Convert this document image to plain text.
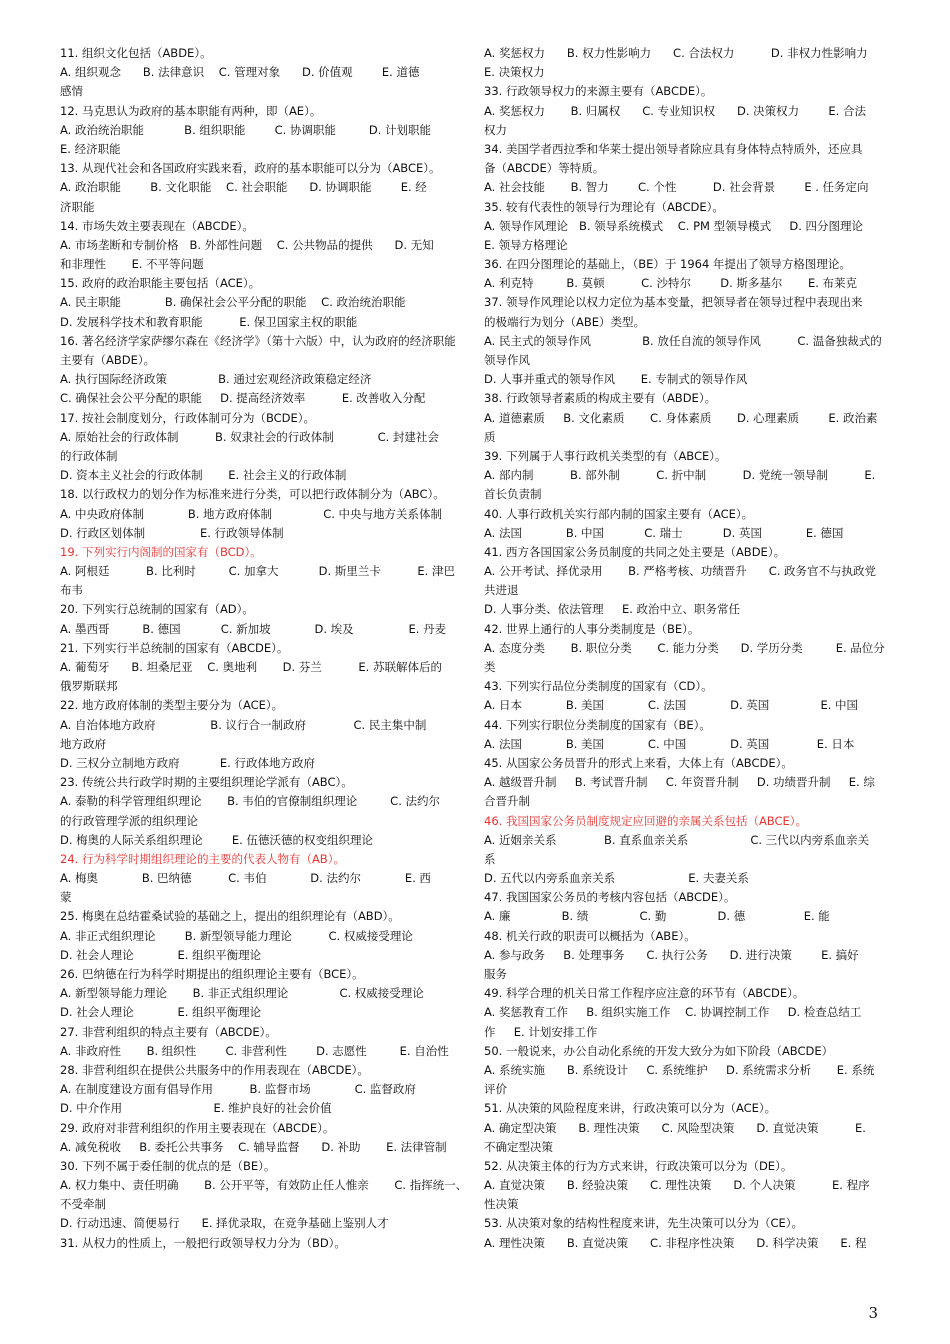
11. 组织文化包括（ABDE）。
A. 组织观念      B. 法律意识    C. 管理对象      D. 价值观        E. 道德
感情
12. 马克思认为政府的基本职能有两种，即（AE）。
A. 政治统治职能           B. 组织职能        C. 协调职能         D. 计划职能
E. 经济职能
13. 从现代社会和各国政府实践来看，政府的基本职能可以分为（ABCE）。
A. 政治职能        B. 文化职能    C. 社会职能      D. 协调职能        E. 经
济职能
14. 市场失效主要表现在（ABCDE）。
A. 市场垄断和专制价格   B. 外部性问题    C. 公共物品的提供      D. 无知
和非理性       E. 不平等问题
15. 政府的政治职能主要包括（ACE）。
A. 民主职能            B. 确保社会公平分配的职能    C. 政治统治职能
D. 发展科学技术和教育职能          E. 保卫国家主权的职能
16. 著名经济学家萨缪尔森在《经济学》（第十六版）中，认为政府的经济职能
主要有（ABDE）。
A. 执行国际经济政策              B. 通过宏观经济政策稳定经济
C. 确保社会公平分配的职能     D. 提高经济效率          E. 改善收入分配
17. 按社会制度划分，行政体制可分为（BCDE）。
A. 原始社会的行政体制          B. 奴隶社会的行政体制            C. 封建社会
的行政体制
D. 资本主义社会的行政体制       E. 社会主义的行政体制
18. 以行政权力的划分作为标准来进行分类，可以把行政体制分为（ABC）。
A. 中央政府体制            B. 地方政府体制              C. 中央与地方关系体制
D. 行政区划体制               E. 行政领导体制
19. 下列实行内阁制的国家有（BCD）。
A. 阿根廷          B. 比利时         C. 加拿大           D. 斯里兰卡          E. 津巴
布韦
20. 下列实行总统制的国家有（AD）。
A. 墨西哥         B. 德国           C. 新加坡            D. 埃及               E. 丹麦
21. 下列实行半总统制的国家有（ABCDE）。
A. 葡萄牙      B. 坦桑尼亚    C. 奥地利       D. 芬兰          E. 苏联解体后的
俄罗斯联邦
22. 地方政府体制的类型主要分为（ACE）。
A. 自治体地方政府               B. 议行合一制政府             C. 民主集中制
地方政府
D. 三权分立制地方政府           E. 行政体地方政府
23. 传统公共行政学时期的主要组织理论学派有（ABC）。
A. 泰勒的科学管理组织理论       B. 韦伯的官僚制组织理论         C. 法约尔
的行政管理学派的组织理论
D. 梅奥的人际关系组织理论        E. 伍德沃德的权变组织理论
24. 行为科学时期组织理论的主要的代表人物有（AB）。
A. 梅奥            B. 巴纳德          C. 韦伯            D. 法约尔            E. 西
蒙
25. 梅奥在总结霍桑试验的基础之上，提出的组织理论有（ABD）。
A. 非正式组织理论        B. 新型领导能力理论          C. 权威接受理论
D. 社会人理论            E. 组织平衡理论
26. 巴纳德在行为科学时期提出的组织理论主要有（BCE）。
A. 新型领导能力理论       B. 非正式组织理论              C. 权威接受理论
D. 社会人理论            E. 组织平衡理论
27. 非营利组织的特点主要有（ABCDE）。
A. 非政府性       B. 组织性        C. 非营利性        D. 志愿性         E. 自治性
28. 非营利组织在提供公共服务中的作用表现在（ABCDE）。
A. 在制度建设方面有倡导作用          B. 监督市场            C. 监督政府
D. 中介作用                         E. 维护良好的社会价值
29. 政府对非营利组织的作用主要表现在（ABCDE）。
A. 减免税收     B. 委托公共事务    C. 辅导监督      D. 补助       E. 法律管制
30. 下列不属于委任制的优点的是（BE）。
A. 权力集中、责任明确       B. 公开平等，有效防止任人惟亲       C. 指挥统一、
不受牵制
D. 行动迅速、简便易行      E. 择优录取，在竞争基础上鉴别人才
31. 从权力的性质上，一般把行政领导权力分为（BD）。
A. 奖惩权力      B. 权力性影响力      C. 合法权力          D. 非权力性影响力
E. 决策权力
33. 行政领导权力的来源主要有（ABCDE）。
A. 奖惩权力       B. 归属权      C. 专业知识权      D. 决策权力        E. 合法
权力
34. 美国学者西拉季和华莱士提出领导者除应具有身体特点特质外，还应具
备（ABCDE）等特质。
A. 社会技能       B. 智力        C. 个性          D. 社会背景        E . 任务定向
35. 较有代表性的领导行为理论有（ABCDE）。
A. 领导作风理论   B. 领导系统模式    C. PM 型领导模式     D. 四分图理论
E. 领导方格理论
36. 在四分图理论的基础上，（BE）于 1964 年提出了领导方格图理论。
A. 利克特         B. 莫顿          C. 沙特尔        D. 斯多基尔       E. 布莱克
37. 领导作风理论以权力定位为基本变量，把领导者在领导过程中表现出来
的极端行为划分（ABE）类型。
A. 民主式的领导作风              B. 放任自流的领导作风          C. 温备独裁式的
领导作风
D. 人事并重式的领导作风       E. 专制式的领导作风
38. 行政领导者素质的构成主要有（ABDE）。
A. 道德素质     B. 文化素质       C. 身体素质       D. 心理素质        E. 政治素
质
39. 下列属于人事行政机关类型的有（ABCE）。
A. 部内制          B. 部外制          C. 折中制          D. 党统一领导制          E.
首长负责制
40. 人事行政机关实行部内制的国家主要有（ACE）。
A. 法国            B. 中国           C. 瑞士           D. 英国            E. 德国
41. 西方各国国家公务员制度的共同之处主要是（ABDE）。
A. 公开考试、择优录用       B. 严格考核、功绩晋升      C. 政务官不与执政党
共进退
D. 人事分类、依法管理     E. 政治中立、职务常任
42. 世界上通行的人事分类制度是（BE）。
A. 态度分类       B. 职位分类       C. 能力分类      D. 学历分类         E. 品位分
类
43. 下列实行品位分类制度的国家有（CD）。
A. 日本            B. 美国            C. 法国            D. 英国              E. 中国
44. 下列实行职位分类制度的国家有（BE）。
A. 法国            B. 美国            C. 中国            D. 英国             E. 日本
45. 从国家公务员晋升的形式上来看，大体上有（ABCDE）。
A. 越级晋升制     B. 考试晋升制     C. 年资晋升制     D. 功绩晋升制     E. 综
合晋升制
46. 我国国家公务员制度规定应回避的亲属关系包括（ABCE）。
A. 近姻亲关系             B. 直系血亲关系                 C. 三代以内旁系血亲关
系
D. 五代以内旁系血亲关系                    E. 夫妻关系
47. 我国国家公务员的考核内容包括（ABCDE）。
A. 廉              B. 绩              C. 勤              D. 德                E. 能
48. 机关行政的职责可以概括为（ABE）。
A. 参与政务     B. 处理事务      C. 执行公务      D. 进行决策        E. 搞好
服务
49. 科学合理的机关日常工作程序应注意的环节有（ABCDE）。
A. 奖惩教育工作     B. 组织实施工作    C. 协调控制工作     D. 检查总结工
作     E. 计划安排工作
50. 一般说来，办公自动化系统的开发大致分为如下阶段（ABCDE）
A. 系统实施      B. 系统设计     C. 系统维护     D. 系统需求分析       E. 系统
评价
51. 从决策的风险程度来讲，行政决策可以分为（ACE）。
A. 确定型决策      B. 理性决策      C. 风险型决策      D. 直觉决策          E.
不确定型决策
52. 从决策主体的行为方式来讲，行政决策可以分为（DE）。
A. 直觉决策      B. 经验决策      C. 理性决策      D. 个人决策          E. 程序
性决策
53. 从决策对象的结构性程度来讲，先生决策可以分为（CE）。
A. 理性决策      B. 直觉决策      C. 非程序性决策      D. 科学决策      E. 程
3
